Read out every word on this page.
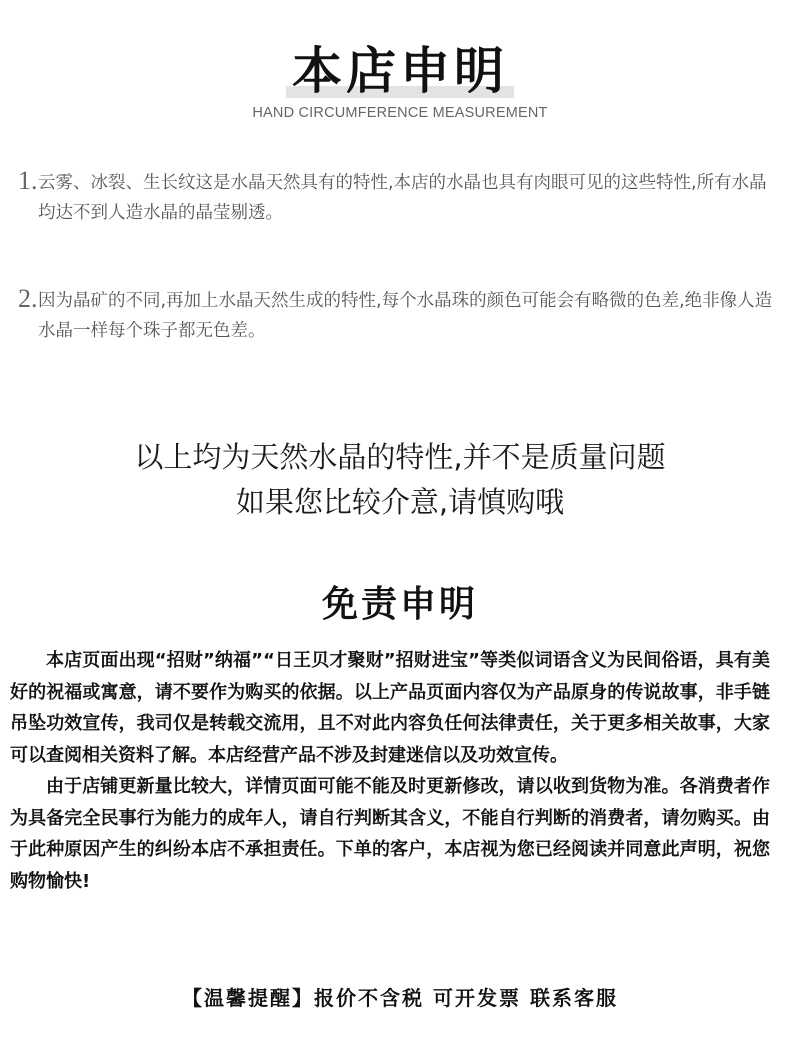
本店申明
HAND CIRCUMFERENCE MEASUREMENT
1. 云雾、冰裂、生长纹这是水晶天然具有的特性,本店的水晶也具有肉眼可见的这些特性,所有水晶均达不到人造水晶的晶莹剔透。
2. 因为晶矿的不同,再加上水晶天然生成的特性,每个水晶珠的颜色可能会有略微的色差,绝非像人造水晶一样每个珠子都无色差。
以上均为天然水晶的特性,并不是质量问题
如果您比较介意,请慎购哦
免责申明

本店页面出现“招财”纳福”“日王贝才聚财”招财进宝”等类似词语含义为民间俗语，具有美好的祝福或寓意，请不要作为购买的依据。以上产品页面内容仅为产品原身的传说故事，非手链吊坠功效宣传，我司仅是转载交流用，且不对此内容负任何法律责任，关于更多相关故事，大家可以查阅相关资料了解。本店经营产品不涉及封建迷信以及功效宣传。

由于店铺更新量比较大，详情页面可能不能及时更新修改，请以收到货物为准。各消费者作为具备完全民事行为能力的成年人，请自行判断其含义，不能自行判断的消费者，请勿购买。由于此种原因产生的纠纷本店不承担责任。下单的客户，本店视为您已经阅读并同意此声明，祝您购物愉快!

【温馨提醒】报价不含税 可开发票 联系客服
